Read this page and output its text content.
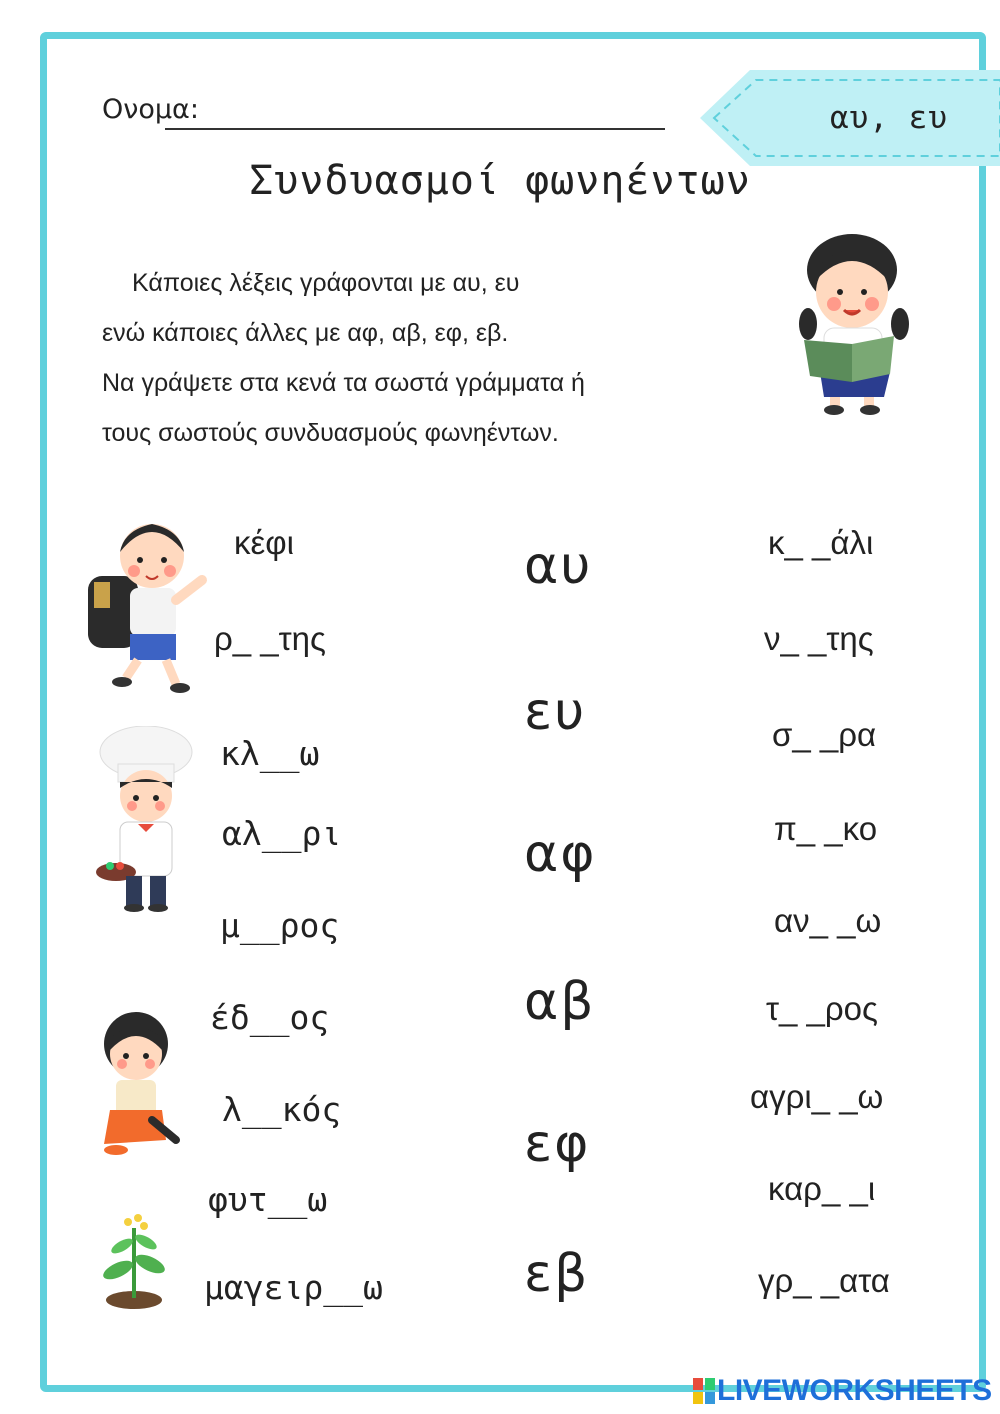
Ονομα:	αυ, ευ
Συνδυασμοί φωνηέντων
Κάποιες λέξεις γράφονται με αυ, ευ
ενώ κάποιες άλλες με αφ, αβ, εφ, εβ.
Να γράψετε στα κενά τα σωστά γράμματα ή
τους σωστούς συνδυασμούς φωνηέντων.
κέφι
ρ_ _της
κλ__ω
αλ__ρι
μ__ρος
έδ__ος
λ__κός
φυτ__ω
μαγειρ__ω
αυ
ευ
αφ
αβ
εφ
εβ
κ_ _άλι
ν_ _της
σ_ _ρα
π_ _κο
αν_ _ω
τ_ _ρος
αγρι_ _ω
καρ_ _ι
γρ_ _ατα
LIVEWORKSHEETS
